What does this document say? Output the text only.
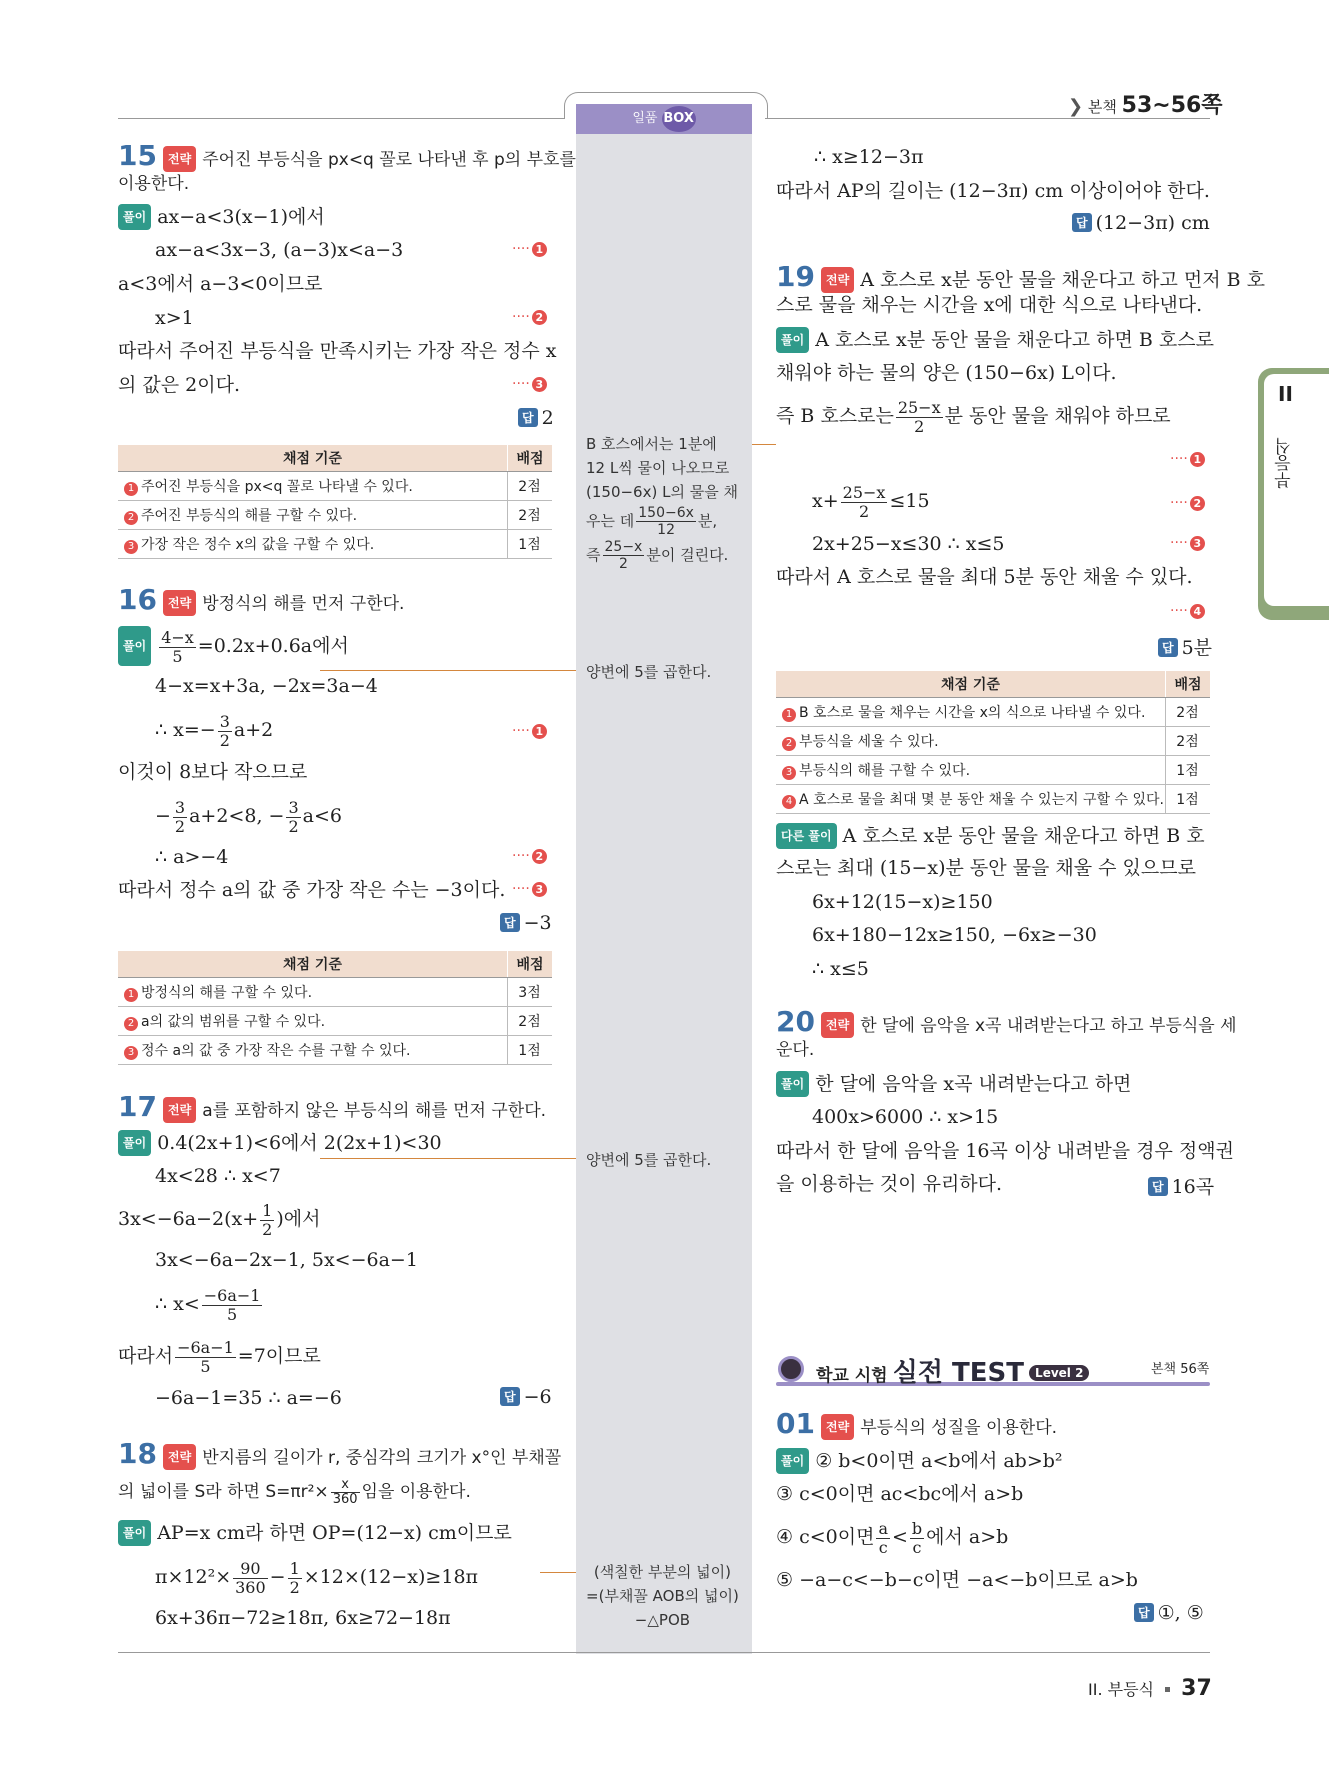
❯ 본책 53~56쪽
일품 BOX
II
부등식
15 전략 주어진 부등식을 px<q 꼴로 나타낸 후 p의 부호를
이용한다.
풀이 ax−a<3(x−1)에서
ax−a<3x−3, (a−3)x<a−3	···· 1
a<3에서 a−3<0이므로
x>1	···· 2
따라서 주어진 부등식을 만족시키는 가장 작은 정수 x
의 값은 2이다.	···· 3
답 2
채점 기준	배점
1 주어진 부등식을 px<q 꼴로 나타낼 수 있다.	2점
2 주어진 부등식의 해를 구할 수 있다.	2점
3 가장 작은 정수 x의 값을 구할 수 있다.	1점
16 전략 방정식의 해를 먼저 구한다.
풀이 $\frac{4-x}{5} =0.2x+0.6a$에서
4−x=x+3a, −2x=3a−4
∴ $x=- \frac{3}{2} a+2$	···· 1
이것이 8보다 작으므로
− $\frac{3}{2} a+2<8$, − $\frac{3}{2} a<6$
∴ a>−4	···· 2
따라서 정수 a의 값 중 가장 작은 수는 −3이다. ···· 3
답 −3
채점 기준	배점
1 방정식의 해를 구할 수 있다.	3점
2 a의 값의 범위를 구할 수 있다.	2점
3 정수 a의 값 중 가장 작은 수를 구할 수 있다.	1점
17 전략 a를 포함하지 않은 부등식의 해를 먼저 구한다.
풀이 0.4(2x+1)<6에서 2(2x+1)<30
4x<28 ∴ x<7
$3x<-6a-2(x+ \frac{1}{2}$ )에서
3x<−6a−2x−1, 5x<−6a−1
∴ $x< \frac{-6a-1}{5}$
따라서 $\frac{-6a-1}{5} =7$이므로
−6a−1=35 ∴ a=−6	답 −6
18 전략 반지름의 길이가 r, 중심각의 크기가 x°인 부채꼴
의 넓이를 S라 하면 $S=\pi r^2\times \frac{x}{360}$ 임을 이용한다.
풀이 AP=x cm라 하면 OP=(12−x) cm이므로
$\pi\times 12^2\times \frac{90}{360} - \frac{1}{2} \times 12\times(12-x)\ge 18\pi$
6x+36π−72≥18π, 6x≥72−18π
∴ x≥12−3π
따라서 AP의 길이는 (12−3π) cm 이상이어야 한다.
답 (12−3π) cm
19 전략 A 호스로 x분 동안 물을 채운다고 하고 먼저 B 호
스로 물을 채우는 시간을 x에 대한 식으로 나타낸다.
풀이 A 호스로 x분 동안 물을 채운다고 하면 B 호스로
채워야 하는 물의 양은 (150−6x) L이다.
즉 B 호스로는 $\frac{25-x}{2}$ 분 동안 물을 채워야 하므로
···· 1
$x+ \frac{25-x}{2} \le 15$	···· 2
2x+25−x≤30 ∴ x≤5	···· 3
따라서 A 호스로 물을 최대 5분 동안 채울 수 있다.
···· 4
답 5분
채점 기준	배점
1 B 호스로 물을 채우는 시간을 x의 식으로 나타낼 수 있다.	2점
2 부등식을 세울 수 있다.	2점
3 부등식의 해를 구할 수 있다.	1점
4 A 호스로 물을 최대 몇 분 동안 채울 수 있는지 구할 수 있다.	1점
다른 풀이 A 호스로 x분 동안 물을 채운다고 하면 B 호
스로는 최대 (15−x)분 동안 물을 채울 수 있으므로
6x+12(15−x)≥150
6x+180−12x≥150, −6x≥−30
∴ x≤5
20 전략 한 달에 음악을 x곡 내려받는다고 하고 부등식을 세
운다.
풀이 한 달에 음악을 x곡 내려받는다고 하면
400x>6000 ∴ x>15
따라서 한 달에 음악을 16곡 이상 내려받을 경우 정액권
을 이용하는 것이 유리하다.	답 16곡
학교 시험 실전 TEST $^{Level 2}$	본책 56쪽
01 전략 부등식의 성질을 이용한다.
풀이 ② b<0이면 a<b에서 ab>b²
③ c<0이면 ac<bc에서 a>b
④ c<0이면 $\frac{a}{c} < \frac{b}{c}$ 에서 a>b
⑤ −a−c<−b−c이면 −a<−b이므로 a>b
답 ①, ⑤
B 호스에서는 1분에
12 L씩 물이 나오므로
(150−6x) L의 물을 채
우는 데 $\frac{150-6x}{12}$ 분,
즉 $\frac{25-x}{2}$ 분이 걸린다.
양변에 5를 곱한다.
양변에 5를 곱한다.
(색칠한 부분의 넓이)
=(부채꼴 AOB의 넓이)
−△POB
II. 부등식 37
